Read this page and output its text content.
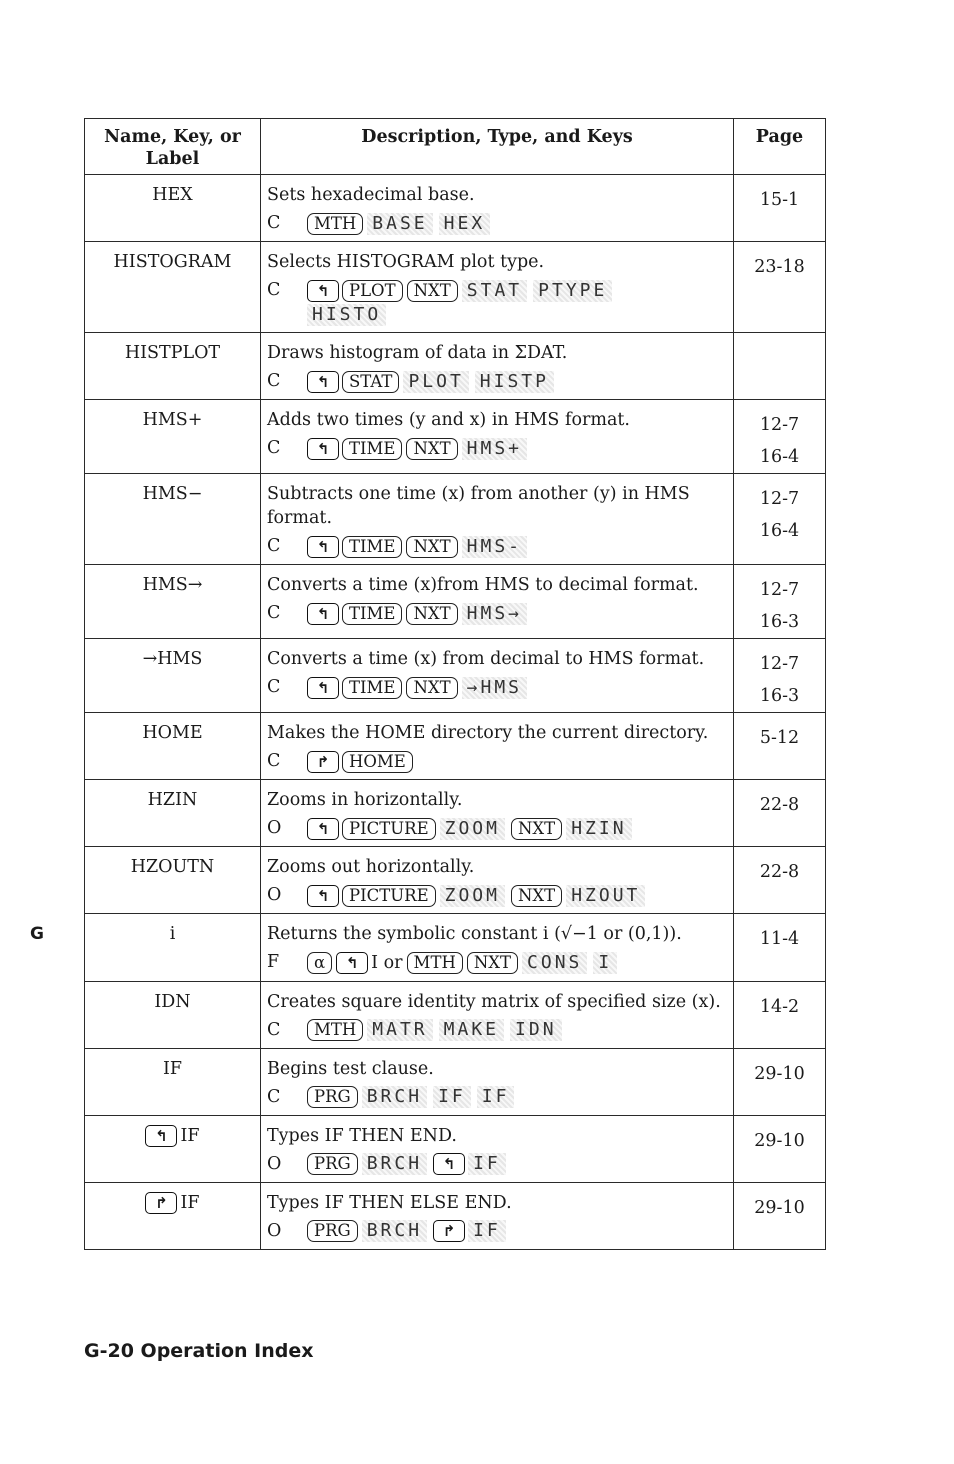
Name, Key, or Label	Description, Type, and Keys	Page
HEX	Sets hexadecimal base.
C MTH BASE HEX	15-1

HISTOGRAM	Selects HISTOGRAM plot type.
C ↰ PLOT NXT STAT PTYPE
HISTO	23-18

HISTPLOT	Draws histogram of data in ΣDAT.
C ↰ STAT PLOT HISTP	

HMS+	Adds two times (y and x) in HMS format.
C ↰ TIME NXT HMS+	12-7
16-4

HMS−	Subtracts one time (x) from another (y) in HMS format.
C ↰ TIME NXT HMS-	12-7
16-4

HMS→	Converts a time (x)from HMS to decimal format.
C ↰ TIME NXT HMS→	12-7
16-3

→HMS	Converts a time (x) from decimal to HMS format.
C ↰ TIME NXT →HMS	12-7
16-3

HOME	Makes the HOME directory the current directory.
C ↱ HOME	5-12

HZIN	Zooms in horizontally.
O ↰ PICTURE ZOOM NXT HZIN	22-8

HZOUTN	Zooms out horizontally.
O ↰ PICTURE ZOOM NXT HZOUT	22-8

i	Returns the symbolic constant i (√−1 or (0,1)).
F α ↰ I or MTH NXT CONS I	11-4

IDN	Creates square identity matrix of specified size (x).
C MTH MATR MAKE IDN	14-2

IF	Begins test clause.
C PRG BRCH IF IF	29-10

↰ IF	Types IF THEN END.
O PRG BRCH ↰ IF	29-10

↱ IF	Types IF THEN ELSE END.
O PRG BRCH ↱ IF	29-10
G
G-20 Operation Index
